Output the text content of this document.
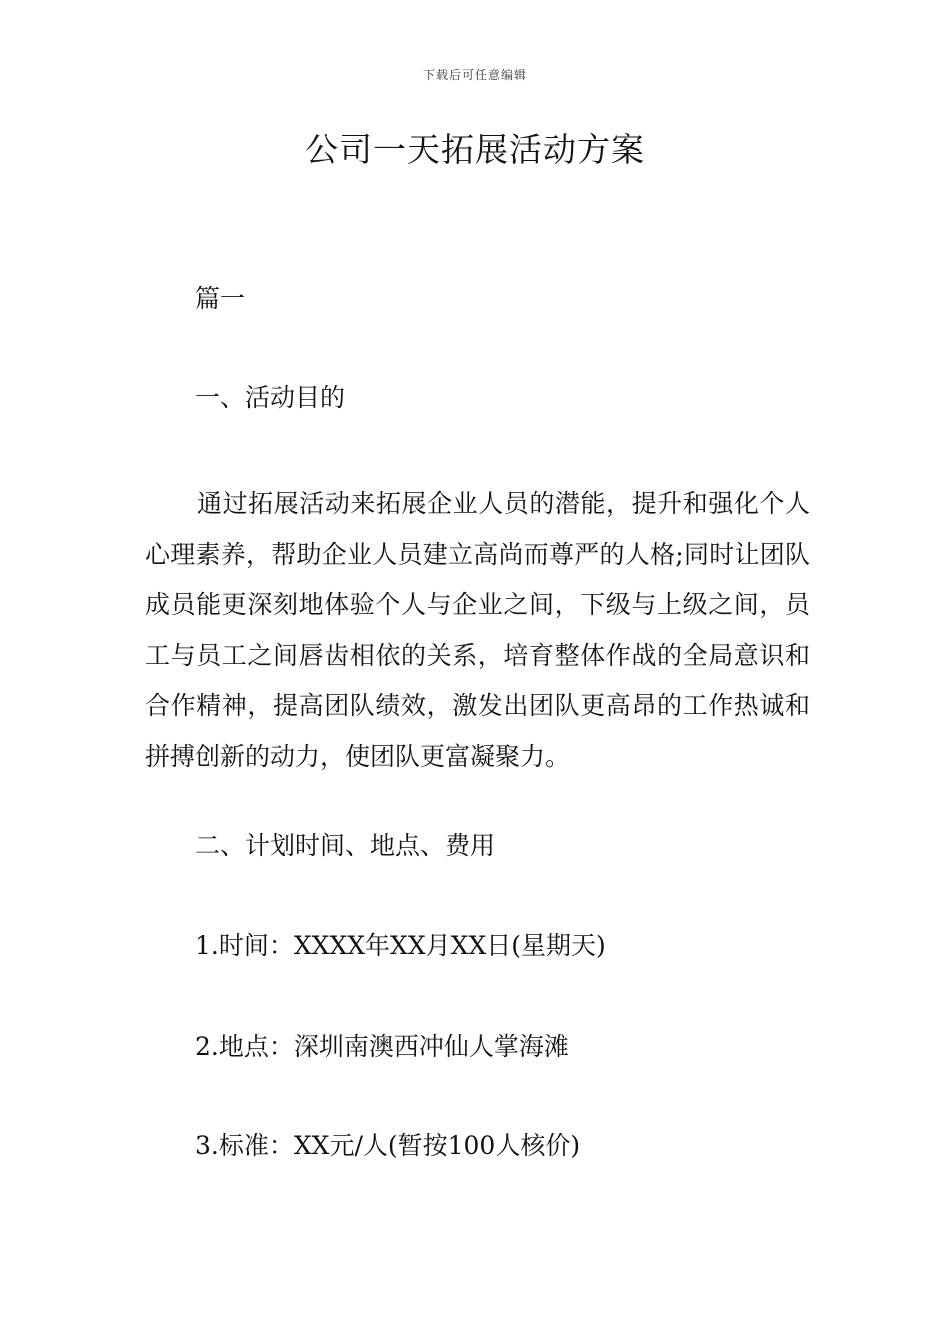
下载后可任意编辑
公司一天拓展活动方案

篇一

一、活动目的

通过拓展活动来拓展企业人员的潜能，提升和强化个人心理素养，帮助企业人员建立高尚而尊严的人格;同时让团队成员能更深刻地体验个人与企业之间，下级与上级之间，员工与员工之间唇齿相依的关系，培育整体作战的全局意识和合作精神，提高团队绩效，激发出团队更高昂的工作热诚和拼搏创新的动力，使团队更富凝聚力。

二、计划时间、地点、费用

1.时间：XXXX年XX月XX日(星期天)

2.地点：深圳南澳西冲仙人掌海滩

3.标准：XX元/人(暂按100人核价)
